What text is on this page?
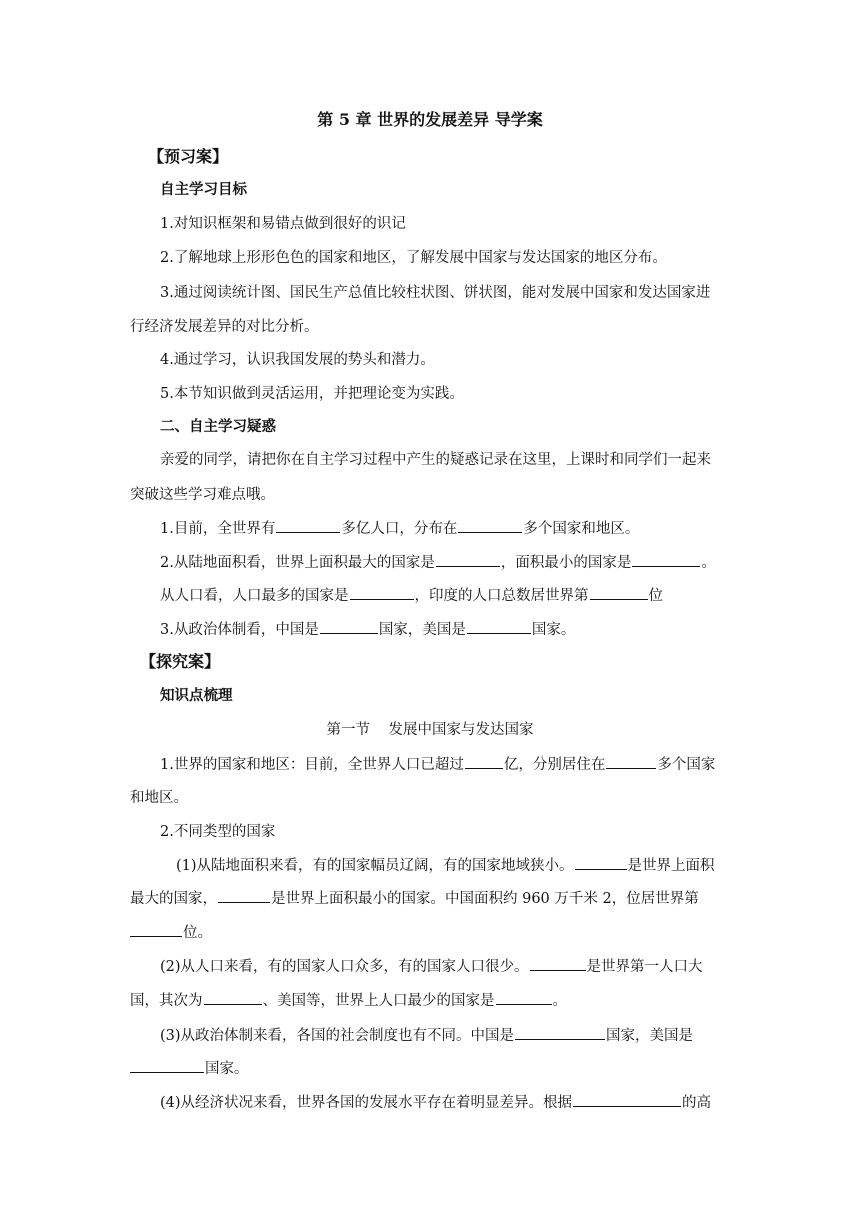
第 5 章 世界的发展差异 导学案
【预习案】
自主学习目标
1.对知识框架和易错点做到很好的识记
2.了解地球上形形色色的国家和地区，了解发展中国家与发达国家的地区分布。
3.通过阅读统计图、国民生产总值比较柱状图、饼状图，能对发展中国家和发达国家进
行经济发展差异的对比分析。
4.通过学习，认识我国发展的势头和潜力。
5.本节知识做到灵活运用，并把理论变为实践。
二、自主学习疑惑
亲爱的同学，请把你在自主学习过程中产生的疑惑记录在这里，上课时和同学们一起来
突破这些学习难点哦。
1.目前，全世界有	多亿人口，分布在	多个国家和地区。
2.从陆地面积看，世界上面积最大的国家是	，面积最小的国家是	。
从人口看，人口最多的国家是	，印度的人口总数居世界第	位
3.从政治体制看，中国是	国家，美国是	国家。
【探究案】
知识点梳理
第一节    发展中国家与发达国家
1.世界的国家和地区：目前，全世界人口已超过	亿，分别居住在	多个国家
和地区。
2.不同类型的国家
(1)从陆地面积来看，有的国家幅员辽阔，有的国家地域狭小。	是世界上面积
最大的国家，	是世界上面积最小的国家。中国面积约 960 万千米 2，位居世界第
位。
(2)从人口来看，有的国家人口众多，有的国家人口很少。	是世界第一人口大
国，其次为	、美国等，世界上人口最少的国家是	。
(3)从政治体制来看，各国的社会制度也有不同。中国是	国家，美国是
国家。
(4)从经济状况来看，世界各国的发展水平存在着明显差异。根据	的高
